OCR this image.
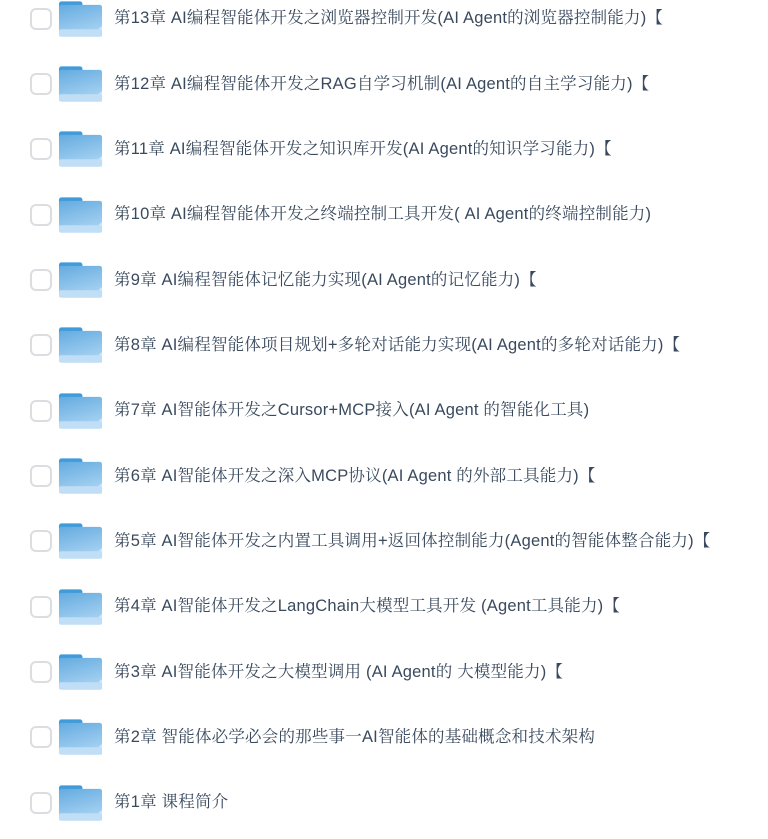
第13章 AI编程智能体开发之浏览器控制开发(AI Agent的浏览器控制能力)【
第12章 AI编程智能体开发之RAG自学习机制(AI Agent的自主学习能力)【
第11章 AI编程智能体开发之知识库开发(AI Agent的知识学习能力)【
第10章 AI编程智能体开发之终端控制工具开发( AI Agent的终端控制能力)
第9章 AI编程智能体记忆能力实现(AI Agent的记忆能力)【
第8章 AI编程智能体项目规划+多轮对话能力实现(AI Agent的多轮对话能力)【
第7章 AI智能体开发之Cursor+MCP接入(AI Agent 的智能化工具)
第6章 AI智能体开发之深入MCP协议(AI Agent 的外部工具能力)【
第5章 AI智能体开发之内置工具调用+返回体控制能力(Agent的智能体整合能力)【
第4章 AI智能体开发之LangChain大模型工具开发 (Agent工具能力)【
第3章 AI智能体开发之大模型调用 (AI Agent的 大模型能力)【
第2章 智能体必学必会的那些事一AI智能体的基础概念和技术架构
第1章 课程简介
